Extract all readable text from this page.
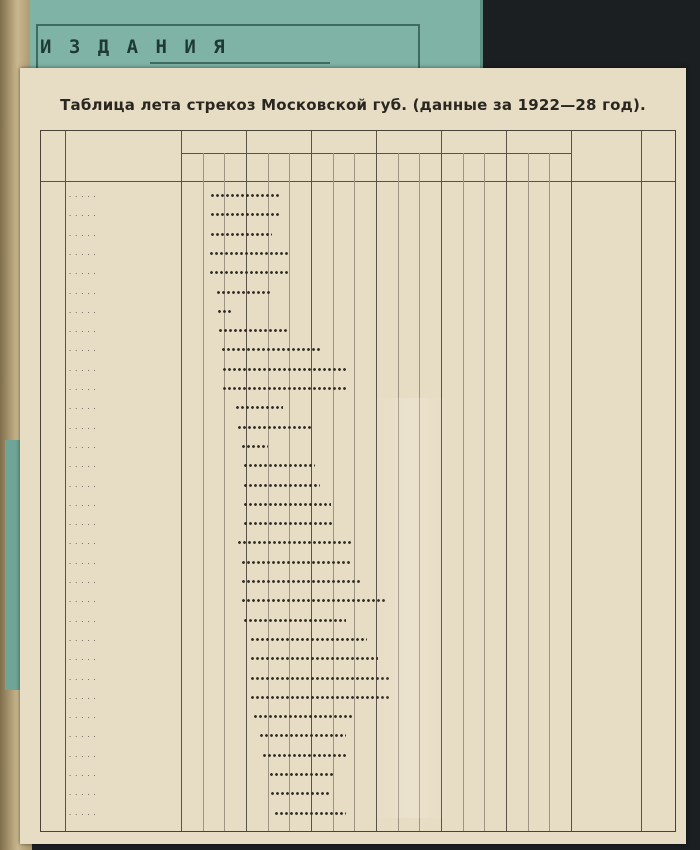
И З Д А Н И Я
Таблица лета стрекоз Московской губ. (данные за 1922—28 год).
. . .
. . .
. . .
. . .
. . .
. . .
. . .
. . .
. . .
. . .
. . .
. . .
. . .
. . .
. . .
. . .
. . .
. . .
. . .
. . .
. . .
. . .
. . .
. . .
. . .
. . .
. . .
. . .
. . .
. . .
. . .
. . .
. . .
